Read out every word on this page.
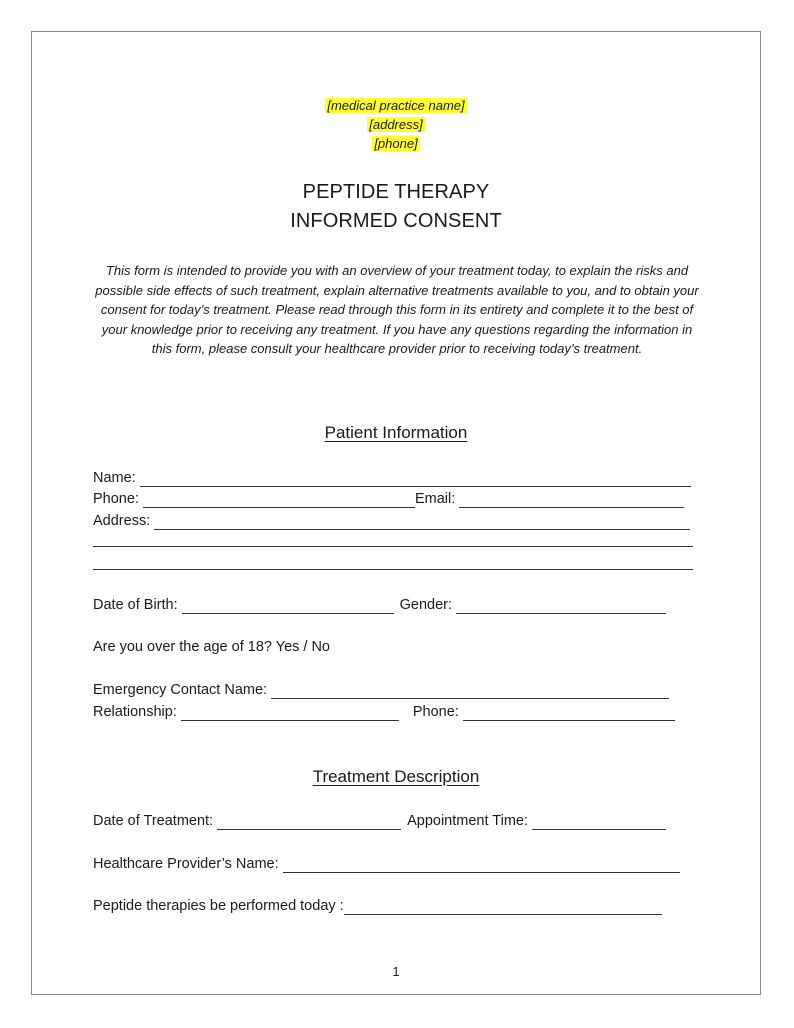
[medical practice name]
[address]
[phone]
PEPTIDE THERAPY
INFORMED CONSENT
This form is intended to provide you with an overview of your treatment today, to explain the risks and possible side effects of such treatment, explain alternative treatments available to you, and to obtain your consent for today’s treatment. Please read through this form in its entirety and complete it to the best of your knowledge prior to receiving any treatment. If you have any questions regarding the information in this form, please consult your healthcare provider prior to receiving today’s treatment.
Patient Information
Name:
Phone:	Email:
Address:
Date of Birth:	Gender:
Are you over the age of 18? Yes / No
Emergency Contact Name:
Relationship:	Phone:
Treatment Description
Date of Treatment:	Appointment Time:
Healthcare Provider’s Name:
Peptide therapies be performed today :
1
